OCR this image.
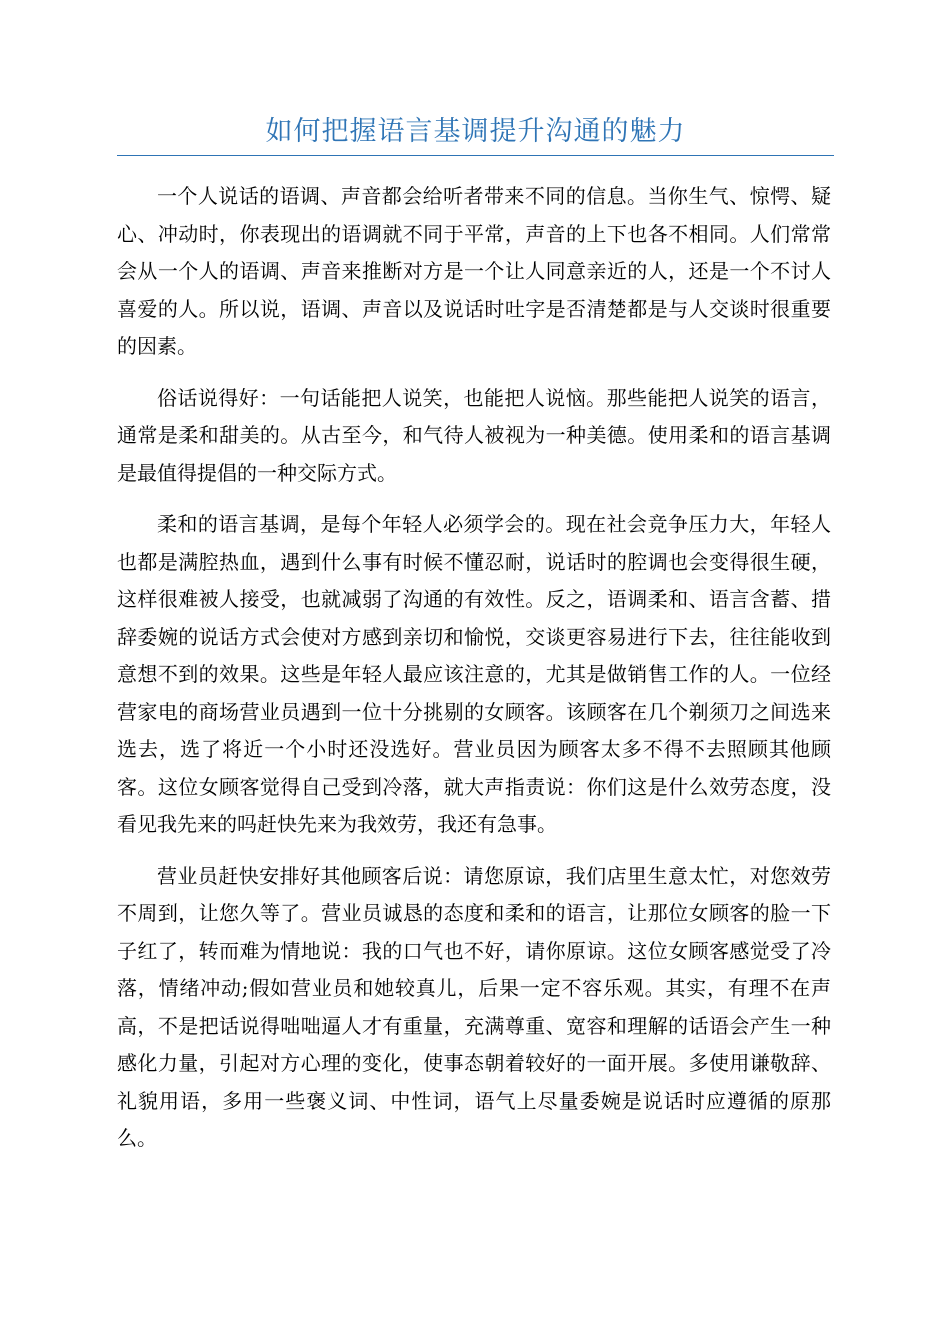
如何把握语言基调提升沟通的魅力

一个人说话的语调、声音都会给听者带来不同的信息。当你生气、惊愕、疑心、冲动时，你表现出的语调就不同于平常，声音的上下也各不相同。人们常常会从一个人的语调、声音来推断对方是一个让人同意亲近的人，还是一个不讨人喜爱的人。所以说，语调、声音以及说话时吐字是否清楚都是与人交谈时很重要的因素。

俗话说得好：一句话能把人说笑，也能把人说恼。那些能把人说笑的语言，通常是柔和甜美的。从古至今，和气待人被视为一种美德。使用柔和的语言基调是最值得提倡的一种交际方式。

柔和的语言基调，是每个年轻人必须学会的。现在社会竞争压力大，年轻人也都是满腔热血，遇到什么事有时候不懂忍耐，说话时的腔调也会变得很生硬，这样很难被人接受，也就减弱了沟通的有效性。反之，语调柔和、语言含蓄、措辞委婉的说话方式会使对方感到亲切和愉悦，交谈更容易进行下去，往往能收到意想不到的效果。这些是年轻人最应该注意的，尤其是做销售工作的人。一位经营家电的商场营业员遇到一位十分挑剔的女顾客。该顾客在几个剃须刀之间选来选去，选了将近一个小时还没选好。营业员因为顾客太多不得不去照顾其他顾客。这位女顾客觉得自己受到冷落，就大声指责说：你们这是什么效劳态度，没看见我先来的吗赶快先来为我效劳，我还有急事。

营业员赶快安排好其他顾客后说：请您原谅，我们店里生意太忙，对您效劳不周到，让您久等了。营业员诚恳的态度和柔和的语言，让那位女顾客的脸一下子红了，转而难为情地说：我的口气也不好，请你原谅。这位女顾客感觉受了冷落，情绪冲动;假如营业员和她较真儿，后果一定不容乐观。其实，有理不在声高，不是把话说得咄咄逼人才有重量，充满尊重、宽容和理解的话语会产生一种感化力量，引起对方心理的变化，使事态朝着较好的一面开展。多使用谦敬辞、礼貌用语，多用一些褒义词、中性词，语气上尽量委婉是说话时应遵循的原那么。
